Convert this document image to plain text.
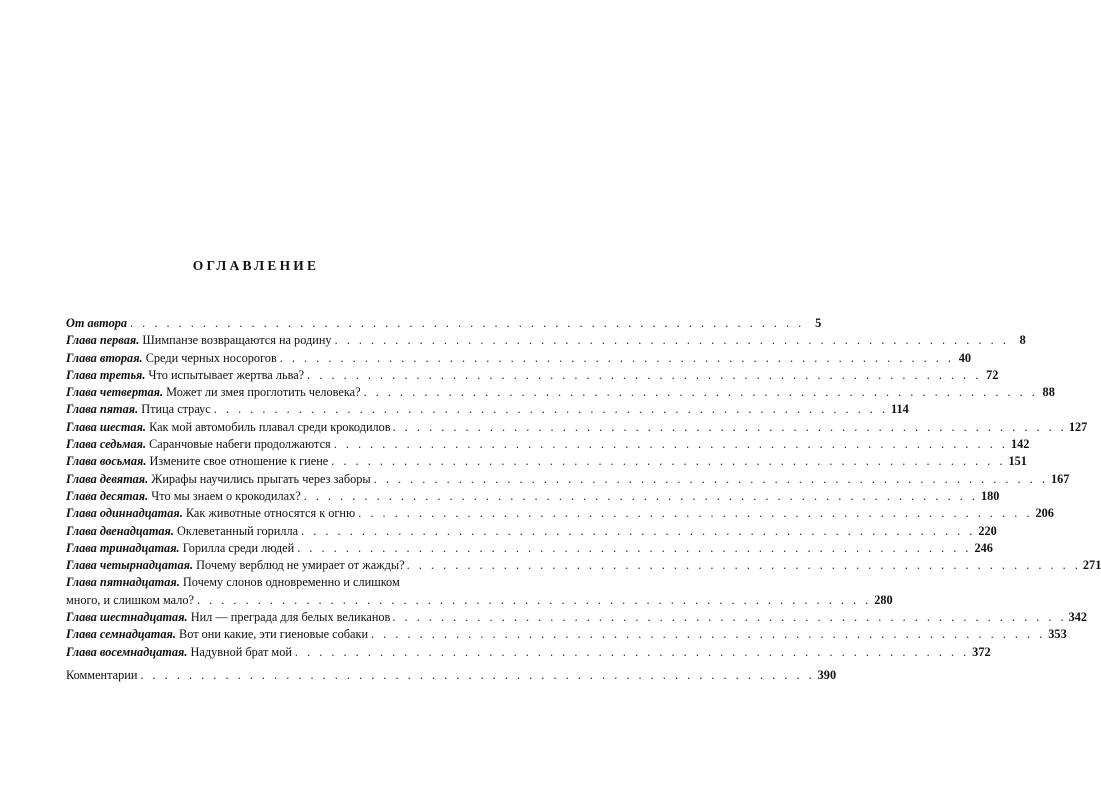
ОГЛАВЛЕНИЕ
От автора . . .	5
Глава первая. Шимпанзе возвращаются на родину . . .	8
Глава вторая. Среди черных носорогов . . .	40
Глава третья. Что испытывает жертва льва? . . .	72
Глава четвертая. Может ли змея проглотить человека? . . .	88
Глава пятая. Птица страус . . .	114
Глава шестая. Как мой автомобиль плавал среди крокодилов . . .	127
Глава седьмая. Саранчовые набеги продолжаются . . .	142
Глава восьмая. Измените свое отношение к гиене . . .	151
Глава девятая. Жирафы научились прыгать через заборы . . .	167
Глава десятая. Что мы знаем о крокодилах? . . .	180
Глава одиннадцатая. Как животные относятся к огню . . .	206
Глава двенадцатая. Оклеветанный горилла . . .	220
Глава тринадцатая. Горилла среди людей . . .	246
Глава четырнадцатая. Почему верблюд не умирает от жажды? . . .	271
Глава пятнадцатая. Почему слонов одновременно и слишком
много, и слишком мало? . . .	280
Глава шестнадцатая. Нил — преграда для белых великанов . . .	342
Глава семнадцатая. Вот они какие, эти гиеновые собаки . . .	353
Глава восемнадцатая. Надувной брат мой . . .	372
Комментарии . . .	390
